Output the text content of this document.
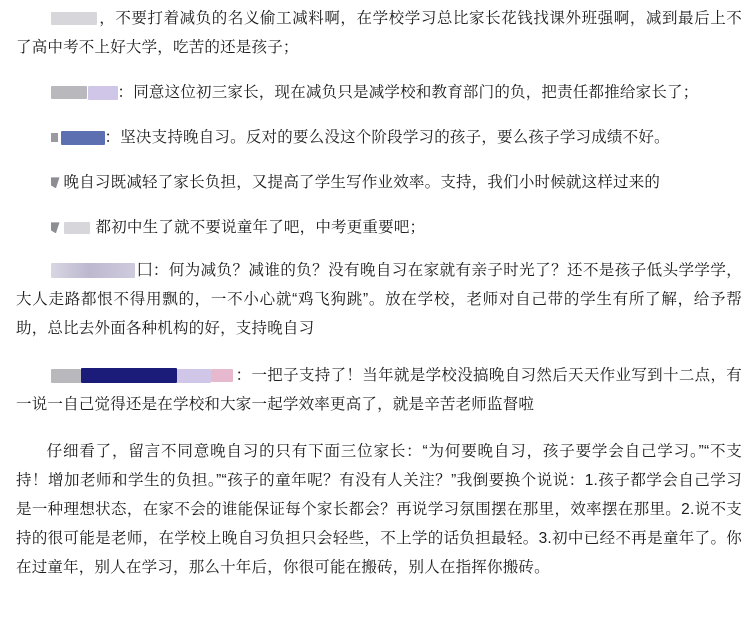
，不要打着减负的名义偷工减料啊，在学校学习总比家长花钱找课外班强啊，减到最后上不了高中考不上好大学，吃苦的还是孩子；
：同意这位初三家长，现在减负只是减学校和教育部门的负，把责任都推给家长了；
：坚决支持晚自习。反对的要么没这个阶段学习的孩子，要么孩子学习成绩不好。
晚自习既减轻了家长负担，又提高了学生写作业效率。支持，我们小时候就这样过来的
都初中生了就不要说童年了吧，中考更重要吧；
囗：何为减负？减谁的负？没有晚自习在家就有亲子时光了？还不是孩子低头学学学，大人走路都恨不得用飘的，一不小心就“鸡飞狗跳”。放在学校，老师对自己带的学生有所了解，给予帮助，总比去外面各种机构的好，支持晚自习
：一把子支持了！当年就是学校没搞晚自习然后天天作业写到十二点，有一说一自己觉得还是在学校和大家一起学效率更高了，就是辛苦老师监督啦
仔细看了，留言不同意晚自习的只有下面三位家长：“为何要晚自习，孩子要学会自己学习。”“不支持！增加老师和学生的负担。”“孩子的童年呢？有没有人关注？”我倒要换个说说：1.孩子都学会自己学习是一种理想状态，在家不会的谁能保证每个家长都会？再说学习氛围摆在那里，效率摆在那里。2.说不支持的很可能是老师，在学校上晚自习负担只会轻些，不上学的话负担最轻。3.初中已经不再是童年了。你在过童年，别人在学习，那么十年后，你很可能在搬砖，别人在指挥你搬砖。
